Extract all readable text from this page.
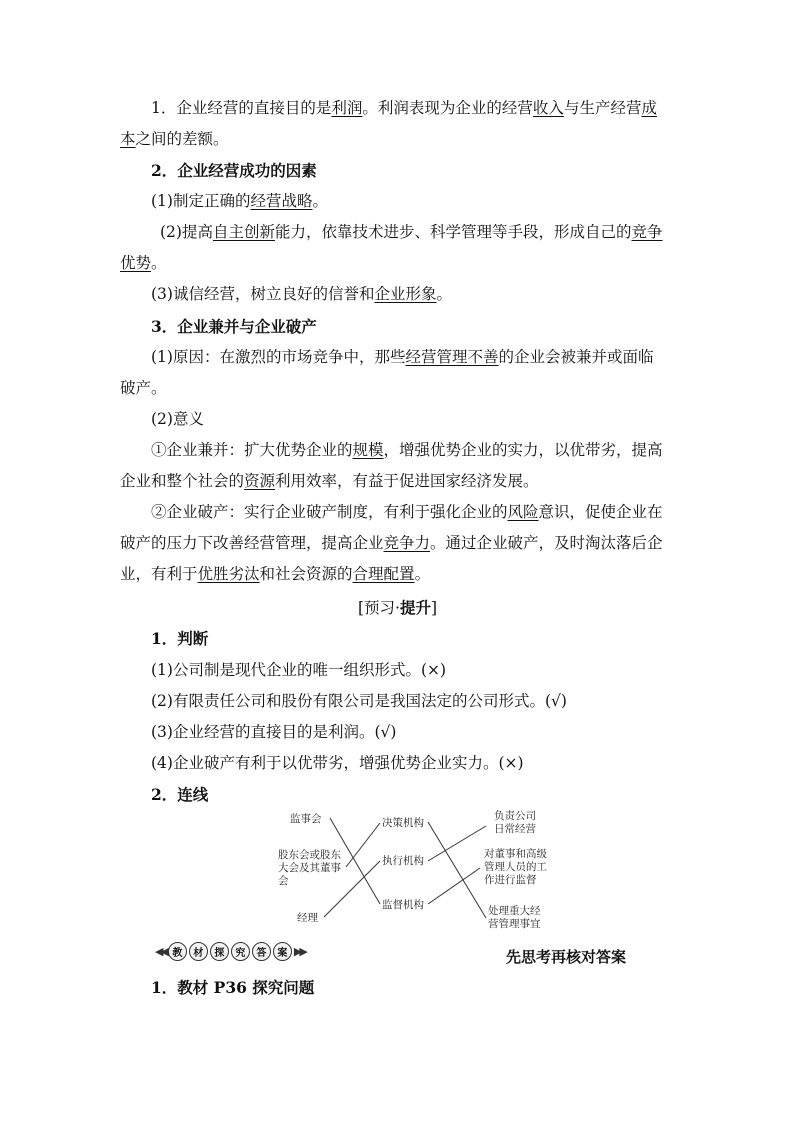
1．企业经营的直接目的是利润。利润表现为企业的经营收入与生产经营成
本之间的差额。
2．企业经营成功的因素
(1)制定正确的经营战略。
(2)提高自主创新能力，依靠技术进步、科学管理等手段，形成自己的竞争
优势。
(3)诚信经营，树立良好的信誉和企业形象。
3．企业兼并与企业破产
(1)原因：在激烈的市场竞争中，那些经营管理不善的企业会被兼并或面临
破产。
(2)意义
①企业兼并：扩大优势企业的规模，增强优势企业的实力，以优带劣，提高
企业和整个社会的资源利用效率，有益于促进国家经济发展。
②企业破产：实行企业破产制度，有利于强化企业的风险意识，促使企业在
破产的压力下改善经营管理，提高企业竞争力。通过企业破产，及时淘汰落后企
业，有利于优胜劣汰和社会资源的合理配置。
[预习·提升]
1．判断
(1)公司制是现代企业的唯一组织形式。(×)
(2)有限责任公司和股份有限公司是我国法定的公司形式。(√)
(3)企业经营的直接目的是利润。(√)
(4)企业破产有利于以优带劣，增强优势企业实力。(×)
2．连线
监事会
股东会或股东
大会及其董事
会
经理
决策机构
执行机构
监督机构
负责公司
日常经营
对董事和高级
管理人员的工
作进行监督
处理重大经
营管理事宜
◀◀ 教	材	探	究	答	案 ▶▶	先思考再核对答案
1．教材 P36 探究问题
